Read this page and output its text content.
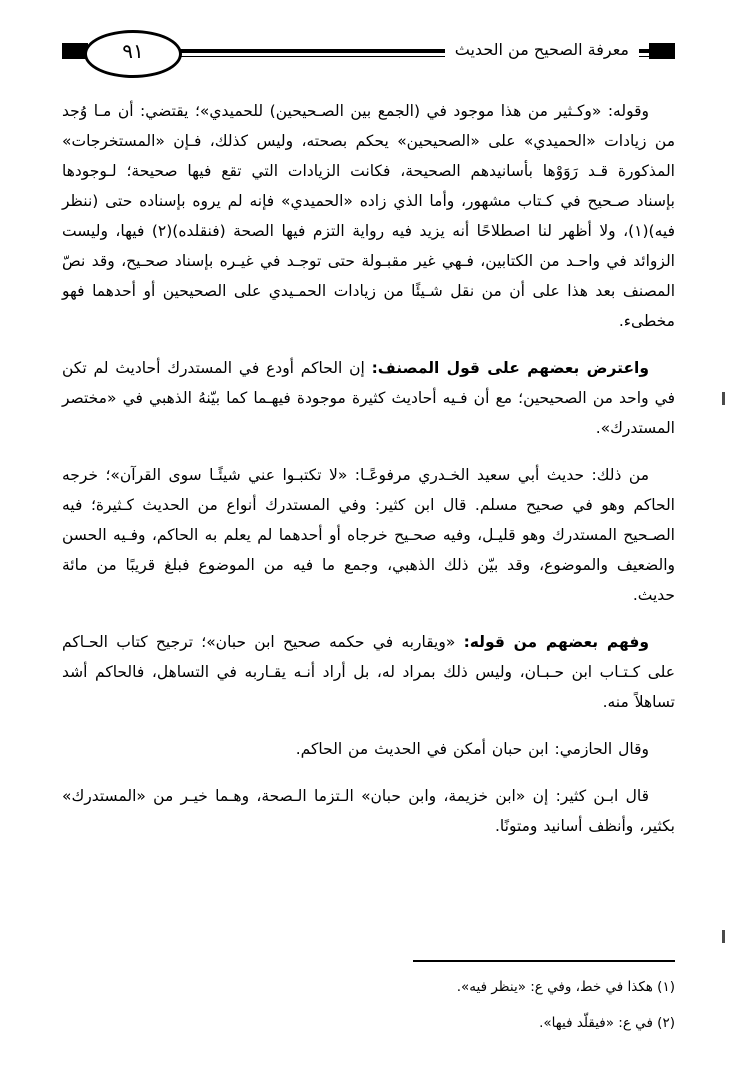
معرفة الصحيح من الحديث
٩١

وقوله: «وكـثير من هذا موجود في (الجمع بين الصـحيحين) للحميدي»؛ يقتضي: أن مـا وُجد من زيادات «الحميدي» على «الصحيحين» يحكم بصحته، وليس كذلك، فـإن «المستخرجات» المذكورة قـد رَوَوْها بأسانيدهم الصحيحة، فكانت الزيادات التي تقع فيها صحيحة؛ لـوجودها بإسناد صـحيح في كـتاب مشهور، وأما الذي زاده «الحميدي» فإنه لم يروه بإسناده حتى (ننظر فيه)(١)، ولا أظهر لنا اصطلاحًا أنه يزيد فيه رواية التزم فيها الصحة (فنقلده)(٢) فيها، وليست الزوائد في واحـد من الكتابين، فـهي غير مقبـولة حتى توجـد في غيـره بإسناد صحـيح، وقد نصّ المصنف بعد هذا على أن من نقل شـيئًا من زيادات الحمـيدي على الصحيحين أو أحدهما فهو مخطىء.

واعترض بعضهم على قول المصنف: إن الحاكم أودع في المستدرك أحاديث لم تكن في واحد من الصحيحين؛ مع أن فـيه أحاديث كثيرة موجودة فيهـما كما بيّنهُ الذهبي في «مختصر المستدرك».

من ذلك: حديث أبي سعيد الخـدري مرفوعًـا: «لا تكتبـوا عني شيئًـا سوى القرآن»؛ خرجه الحاكم وهو في صحيح مسلم. قال ابن كثير: وفي المستدرك أنواع من الحديث كـثيرة؛ فيه الصـحيح المستدرك وهو قليـل، وفيه صحـيح خرجاه أو أحدهما لم يعلم به الحاكم، وفـيه الحسن والضعيف والموضوع، وقد بيّن ذلك الذهبي، وجمع ما فيه من الموضوع فبلغ قريبًا من مائة حديث.

وفهم بعضهم من قوله: «ويقاربه في حكمه صحيح ابن حبان»؛ ترجيح كتاب الحـاكم على كـتـاب ابن حـبـان، وليس ذلك بمراد له، بل أراد أنـه يقـاربه في التساهل، فالحاكم أشد تساهلاً منه.

وقال الحازمي: ابن حبان أمكن في الحديث من الحاكم.

قال ابـن كثير: إن «ابن خزيمة، وابن حبان» الـتزما الـصحة، وهـما خيـر من «المستدرك» بكثير، وأنظف أسانيد ومتونًا.

(١) هكذا في خط، وفي ع: «ينظر فيه».

(٢) في ع: «فيقلّد فيها».
